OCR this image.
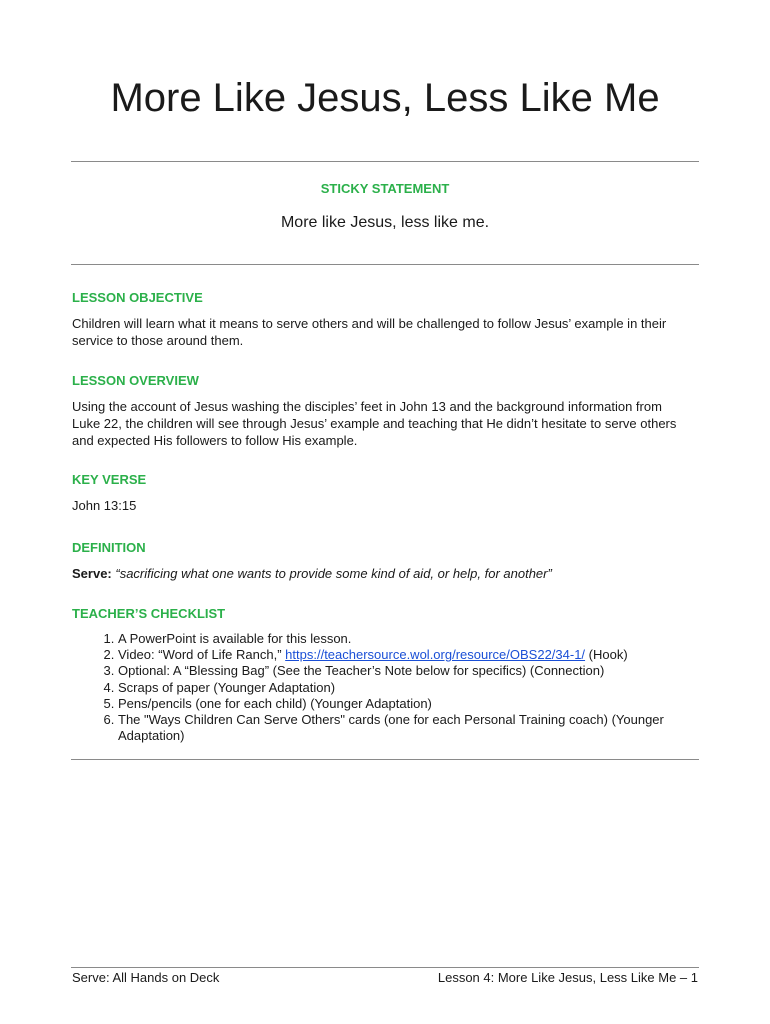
More Like Jesus, Less Like Me
STICKY STATEMENT
More like Jesus, less like me.

LESSON OBJECTIVE

Children will learn what it means to serve others and will be challenged to follow Jesus’ example in their service to those around them.

LESSON OVERVIEW

Using the account of Jesus washing the disciples’ feet in John 13 and the background information from Luke 22, the children will see through Jesus’ example and teaching that He didn’t hesitate to serve others and expected His followers to follow His example.

KEY VERSE

John 13:15

DEFINITION

Serve: “sacrificing what one wants to provide some kind of aid, or help, for another”

TEACHER’S CHECKLIST

1. A PowerPoint is available for this lesson.
2. Video: “Word of Life Ranch,” https://teachersource.wol.org/resource/OBS22/34-1/ (Hook)
3. Optional: A “Blessing Bag” (See the Teacher’s Note below for specifics) (Connection)
4. Scraps of paper (Younger Adaptation)
5. Pens/pencils (one for each child) (Younger Adaptation)
6. The "Ways Children Can Serve Others" cards (one for each Personal Training coach) (Younger Adaptation)
Serve: All Hands on Deck	Lesson 4: More Like Jesus, Less Like Me – 1
